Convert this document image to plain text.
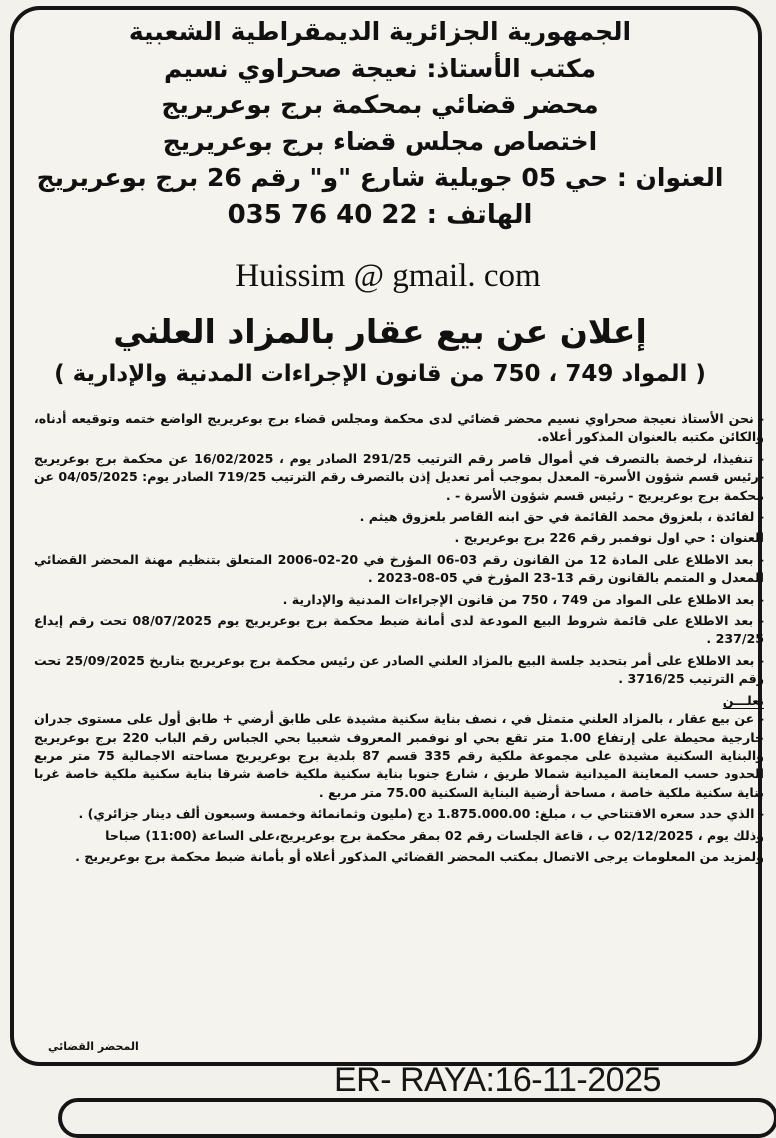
الجمهورية الجزائرية الديمقراطية الشعبية
مكتب الأستاذ: نعيجة صحراوي نسيم
محضر قضائي بمحكمة برج بوعريريج
اختصاص مجلس قضاء برج بوعريريج
العنوان : حي 05 جويلية شارع "و" رقم 26 برج بوعريريج
الهاتف : 22 40 76 035
Huissim @ gmail. com
إعلان عن بيع عقار بالمزاد العلني
( المواد 749 ، 750 من قانون الإجراءات المدنية والإدارية )

- نحن الأستاذ نعيجة صحراوي نسيم محضر قضائي لدى محكمة ومجلس قضاء برج بوعريريج الواضع ختمه وتوقيعه أدناه، والكائن مكتبه بالعنوان المذكور أعلاه.

- تنفيذا، لرخصة بالتصرف في أموال قاصر رقم الترتيب 291/25 الصادر يوم ، 16/02/2025 عن محكمة برج بوعريريج -رئيس قسم شؤون الأسرة- المعدل بموجب أمر تعديل إذن بالتصرف رقم الترتيب 719/25 الصادر يوم: 04/05/2025 عن محكمة برج بوعريريج - رئيس قسم شؤون الأسرة - .

- لفائدة ، بلعزوق محمد القائمة في حق ابنه القاصر بلعزوق هيثم .

العنوان : حي اول نوفمبر رقم 226 برج بوعريريج .

- بعد الاطلاع على المادة 12 من القانون رقم 03-06 المؤرخ في 20-02-2006 المتعلق بتنظيم مهنة المحضر القضائي المعدل و المتمم بالقانون رقم 13-23 المؤرخ في 05-08-2023 .

- بعد الاطلاع على المواد من 749 ، 750 من قانون الإجراءات المدنية والإدارية .

- بعد الاطلاع على قائمة شروط البيع المودعة لدى أمانة ضبط محكمة برج بوعريريج يوم 08/07/2025 تحت رقم إيداع 237/25 .

- بعد الاطلاع على أمر بتحديد جلسة البيع بالمزاد العلني الصادر عن رئيس محكمة برج بوعريريج بتاريخ 25/09/2025 تحت رقم الترتيب 3716/25 .

نعلـــن

- عن بيع عقار ، بالمزاد العلني متمثل في ، نصف بناية سكنية مشيدة على طابق أرضي + طابق أول على مستوى جدران خارجية محيطة على إرتفاع 1.00 متر تقع بحي او نوفمبر المعروف شعبيا بحي الجباس رقم الباب 220 برج بوعريريج والبناية السكنية مشيدة على مجموعة ملكية رقم 335 قسم 87 بلدية برج بوعريريج مساحته الاجمالية 75 متر مربع الحدود حسب المعاينة الميدانية شمالا طريق ، شارع جنوبا بناية سكنية ملكية خاصة شرقا بناية سكنية ملكية خاصة غربا بناية سكنية ملكية خاصة ، مساحة أرضية البناية السكنية 75.00 متر مربع .

- الذي حدد سعره الافتتاحي ب ، مبلغ: 1.875.000.00 دج (مليون وثمانمائة وخمسة وسبعون ألف دينار جزائري) .

وذلك يوم ، 02/12/2025 ب ، قاعة الجلسات رقم 02 بمقر محكمة برج بوعريريج،على الساعة (11:00) صباحا

ولمزيد من المعلومات يرجى الاتصال بمكتب المحضر القضائي المذكور أعلاه أو بأمانة ضبط محكمة برج بوعريريج .

المحضر القضائي
ER- RAYA:16-11-2025
